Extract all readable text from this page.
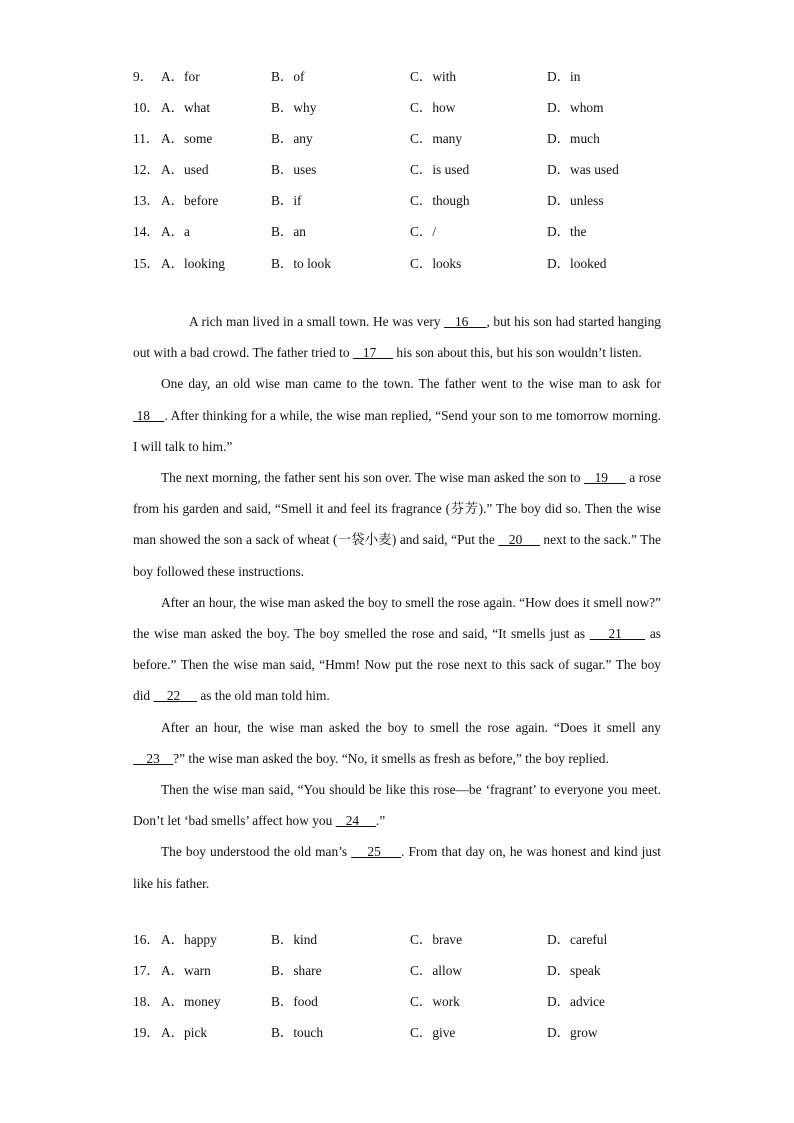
9． A．for	B．of	C．with	D．in
10． A．what	B．why	C．how	D．whom
11． A．some	B．any	C．many	D．much
12． A．used	B．uses	C．is used	D．was used
13． A．before	B．if	C．though	D．unless
14． A．a	B．an	C．/	D．the
15． A．looking	B．to look	C．looks	D．looked

A rich man lived in a small town. He was very    16     , but his son had started hanging out with a bad crowd. The father tried to    17      his son about this, but his son wouldn’t listen.

One day, an old wise man came to the town. The father went to the wise man to ask for  18    . After thinking for a while, the wise man replied, “Send your son to me tomorrow morning. I will talk to him.”

The next morning, the father sent his son over. The wise man asked the son to    19      a rose from his garden and said, “Smell it and feel its fragrance (芬芳).” The boy did so. Then the wise man showed the son a sack of wheat (一袋小麦) and said, “Put the    20      next to the sack.” The boy followed these instructions.

After an hour, the wise man asked the boy to smell the rose again. “How does it smell now?” the wise man asked the boy. The boy smelled the rose and said, “It smells just as     21      as before.” Then the wise man said, “Hmm! Now put the rose next to this sack of sugar.” The boy did     22      as the old man told him.

After an hour, the wise man asked the boy to smell the rose again. “Does it smell any     23    ?” the wise man asked the boy. “No, it smells as fresh as before,” the boy replied.

Then the wise man said, “You should be like this rose—be ‘fragrant’ to everyone you meet. Don’t let ‘bad smells’ affect how you    24     .”

The boy understood the old man’s     25     . From that day on, he was honest and kind just like his father.

16． A．happy	B．kind	C．brave	D．careful
17． A．warn	B．share	C．allow	D．speak
18． A．money	B．food	C．work	D．advice
19． A．pick	B．touch	C．give	D．grow
